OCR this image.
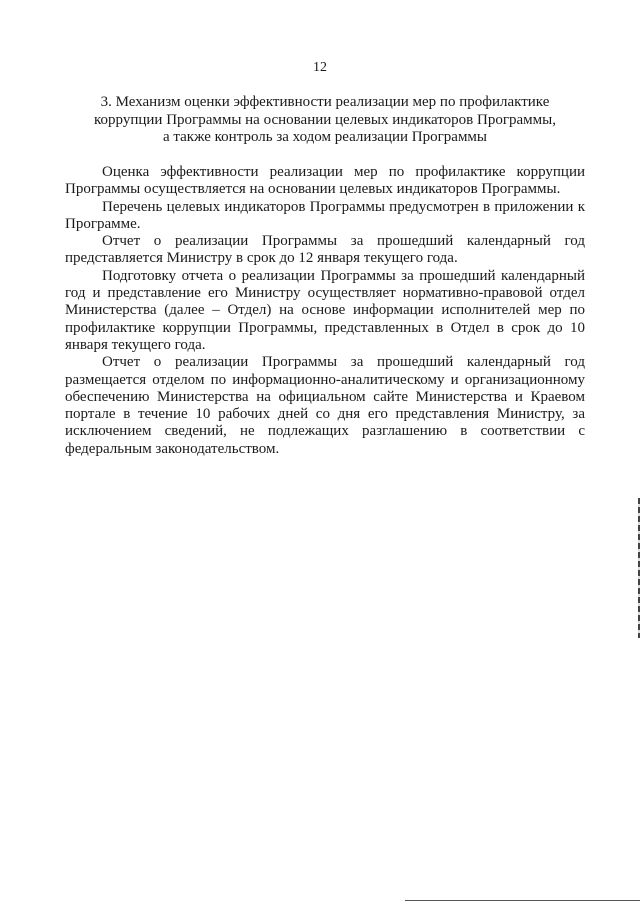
12
3. Механизм оценки эффективности реализации мер по профилактике
коррупции Программы на основании целевых индикаторов Программы,
а также контроль за ходом реализации Программы

Оценка эффективности реализации мер по профилактике коррупции Программы осуществляется на основании целевых индикаторов Программы.

Перечень целевых индикаторов Программы предусмотрен в приложении к Программе.

Отчет о реализации Программы за прошедший календарный год представляется Министру в срок до 12 января текущего года.

Подготовку отчета о реализации Программы за прошедший календарный год и представление его Министру осуществляет нормативно-правовой отдел Министерства (далее – Отдел) на основе информации исполнителей мер по профилактике коррупции Программы, представленных в Отдел в срок до 10 января текущего года.

Отчет о реализации Программы за прошедший календарный год размещается отделом по информационно-аналитическому и организационному обеспечению Министерства на официальном сайте Министерства и Краевом портале в течение 10 рабочих дней со дня его представления Министру, за исключением сведений, не подлежащих разглашению в соответствии с федеральным законодательством.
